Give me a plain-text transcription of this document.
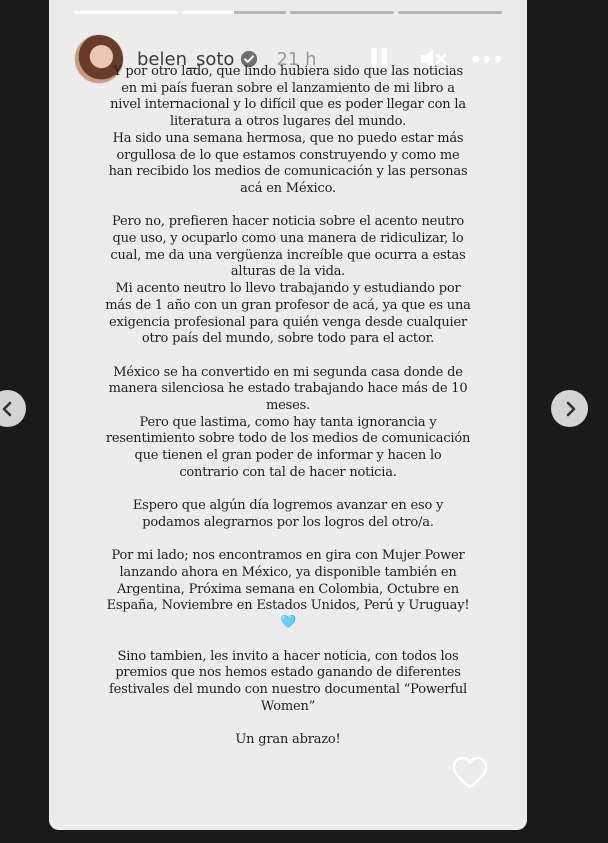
belen_soto 21 h

Y por otro lado, que lindo hubiera sido que las noticias en mi país fueran sobre el lanzamiento de mi libro a nivel internacional y lo difícil que es poder llegar con la literatura a otros lugares del mundo.

Ha sido una semana hermosa, que no puedo estar más orgullosa de lo que estamos construyendo y como me han recibido los medios de comunicación y las personas acá en México.

Pero no, prefieren hacer noticia sobre el acento neutro que uso, y ocuparlo como una manera de ridiculizar, lo cual, me da una vergüenza increíble que ocurra a estas alturas de la vida.

Mi acento neutro lo llevo trabajando y estudiando por más de 1 año con un gran profesor de acá, ya que es una exigencia profesional para quién venga desde cualquier otro país del mundo, sobre todo para el actor.

México se ha convertido en mi segunda casa donde de manera silenciosa he estado trabajando hace más de 10 meses.

Pero que lastima, como hay tanta ignorancia y resentimiento sobre todo de los medios de comunicación que tienen el gran poder de informar y hacen lo contrario con tal de hacer noticia.

Espero que algún día logremos avanzar en eso y podamos alegrarnos por los logros del otro/a.

Por mi lado; nos encontramos en gira con Mujer Power lanzando ahora en México, ya disponible también en Argentina, Próxima semana en Colombia, Octubre en España, Noviembre en Estados Unidos, Perú y Uruguay! 🩵

Sino tambien, les invito a hacer noticia, con todos los premios que nos hemos estado ganando de diferentes festivales del mundo con nuestro documental “Powerful Women”

Un gran abrazo!
